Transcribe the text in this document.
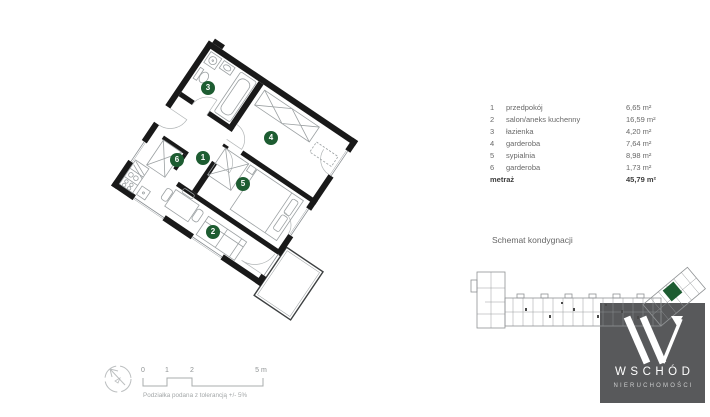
1
2
3
4
5
6
1	przedpokój	6,65 m²
2	salon/aneks kuchenny	16,59 m²
3	łazienka	4,20 m²
4	garderoba	7,64 m²
5	sypialnia	8,98 m²
6	garderoba	1,73 m²
metraż	45,79 m²
Schemat kondygnacji
WSCHÓD
NIERUCHOMOŚCI
0	1	2	5 m
Podziałka podana z tolerancją +/- 5%
